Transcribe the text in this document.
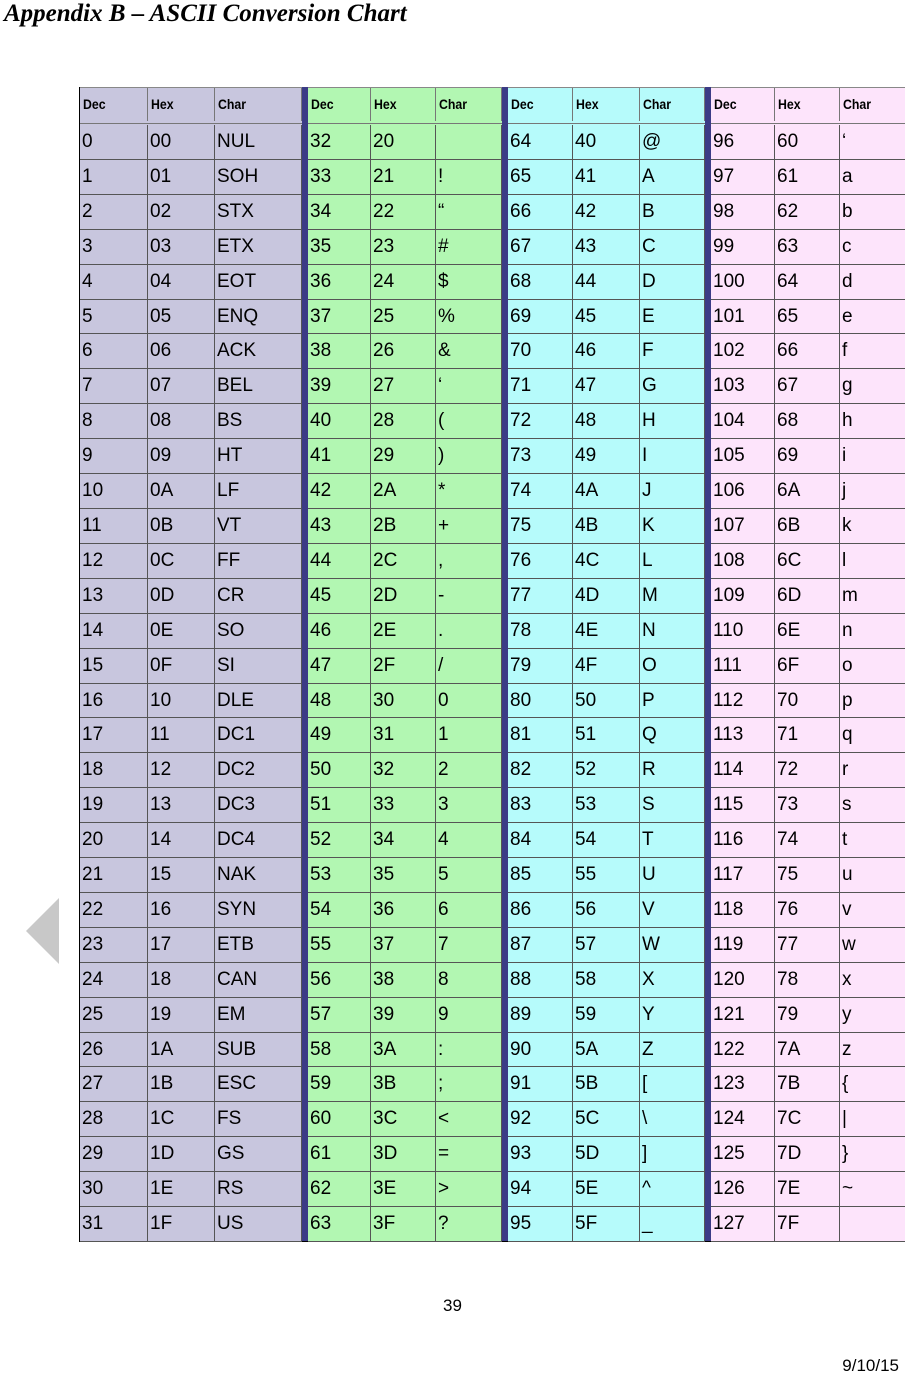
Appendix B – ASCII Conversion Chart
Dec	Hex	Char
0	00	NUL
1	01	SOH
2	02	STX
3	03	ETX
4	04	EOT
5	05	ENQ
6	06	ACK
7	07	BEL
8	08	BS
9	09	HT
10	0A	LF
11	0B	VT
12	0C	FF
13	0D	CR
14	0E	SO
15	0F	SI
16	10	DLE
17	11	DC1
18	12	DC2
19	13	DC3
20	14	DC4
21	15	NAK
22	16	SYN
23	17	ETB
24	18	CAN
25	19	EM
26	1A	SUB
27	1B	ESC
28	1C	FS
29	1D	GS
30	1E	RS
31	1F	US
Dec	Hex	Char
32	20
33	21	!
34	22	“
35	23	#
36	24	$
37	25	%
38	26	&
39	27	‘
40	28	(
41	29	)
42	2A	*
43	2B	+
44	2C	,
45	2D	-
46	2E	.
47	2F	/
48	30	0
49	31	1
50	32	2
51	33	3
52	34	4
53	35	5
54	36	6
55	37	7
56	38	8
57	39	9
58	3A	:
59	3B	;
60	3C	<
61	3D	=
62	3E	>
63	3F	?
Dec	Hex	Char
64	40	@
65	41	A
66	42	B
67	43	C
68	44	D
69	45	E
70	46	F
71	47	G
72	48	H
73	49	I
74	4A	J
75	4B	K
76	4C	L
77	4D	M
78	4E	N
79	4F	O
80	50	P
81	51	Q
82	52	R
83	53	S
84	54	T
85	55	U
86	56	V
87	57	W
88	58	X
89	59	Y
90	5A	Z
91	5B	[
92	5C	\
93	5D	]
94	5E	^
95	5F	_
Dec	Hex	Char
96	60	‘
97	61	a
98	62	b
99	63	c
100	64	d
101	65	e
102	66	f
103	67	g
104	68	h
105	69	i
106	6A	j
107	6B	k
108	6C	l
109	6D	m
110	6E	n
111	6F	o
112	70	p
113	71	q
114	72	r
115	73	s
116	74	t
117	75	u
118	76	v
119	77	w
120	78	x
121	79	y
122	7A	z
123	7B	{
124	7C	|
125	7D	}
126	7E	~
127	7F
39
9/10/15
